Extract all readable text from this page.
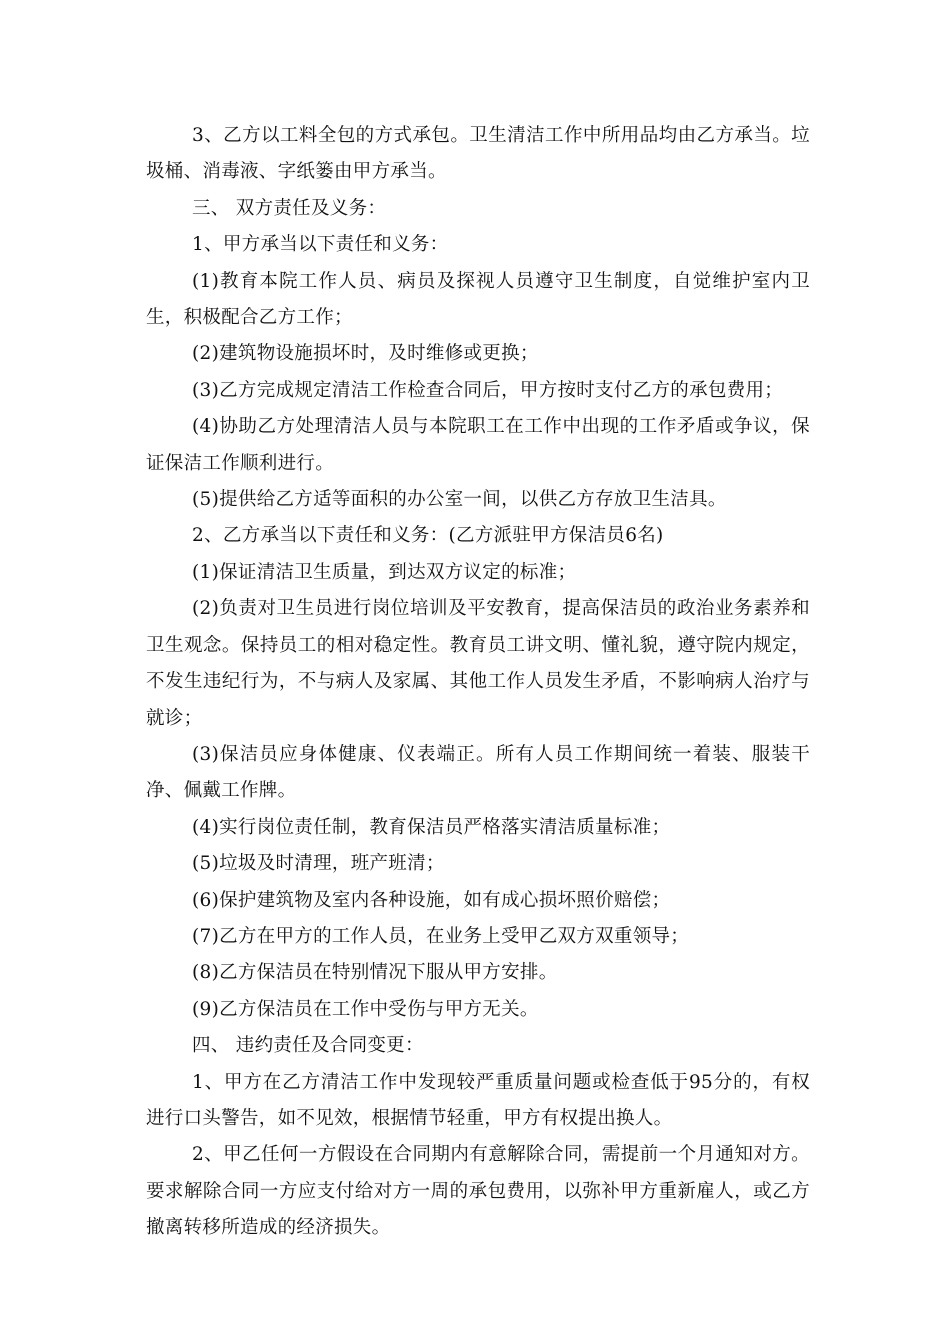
3、乙方以工料全包的方式承包。卫生清洁工作中所用品均由乙方承当。垃圾桶、消毒液、字纸篓由甲方承当。

三、 双方责任及义务：

1、甲方承当以下责任和义务：

(1)教育本院工作人员、病员及探视人员遵守卫生制度，自觉维护室内卫生，积极配合乙方工作；

(2)建筑物设施损坏时，及时维修或更换；

(3)乙方完成规定清洁工作检查合同后，甲方按时支付乙方的承包费用；

(4)协助乙方处理清洁人员与本院职工在工作中出现的工作矛盾或争议，保证保洁工作顺利进行。

(5)提供给乙方适等面积的办公室一间，以供乙方存放卫生洁具。

2、乙方承当以下责任和义务：(乙方派驻甲方保洁员6名)

(1)保证清洁卫生质量，到达双方议定的标准；

(2)负责对卫生员进行岗位培训及平安教育，提高保洁员的政治业务素养和卫生观念。保持员工的相对稳定性。教育员工讲文明、懂礼貌，遵守院内规定，不发生违纪行为，不与病人及家属、其他工作人员发生矛盾，不影响病人治疗与就诊；

(3)保洁员应身体健康、仪表端正。所有人员工作期间统一着装、服装干净、佩戴工作牌。

(4)实行岗位责任制，教育保洁员严格落实清洁质量标准；

(5)垃圾及时清理，班产班清；

(6)保护建筑物及室内各种设施，如有成心损坏照价赔偿；

(7)乙方在甲方的工作人员，在业务上受甲乙双方双重领导；

(8)乙方保洁员在特别情况下服从甲方安排。

(9)乙方保洁员在工作中受伤与甲方无关。

四、 违约责任及合同变更：

1、甲方在乙方清洁工作中发现较严重质量问题或检查低于95分的，有权进行口头警告，如不见效，根据情节轻重，甲方有权提出换人。

2、甲乙任何一方假设在合同期内有意解除合同，需提前一个月通知对方。要求解除合同一方应支付给对方一周的承包费用，以弥补甲方重新雇人，或乙方撤离转移所造成的经济损失。
